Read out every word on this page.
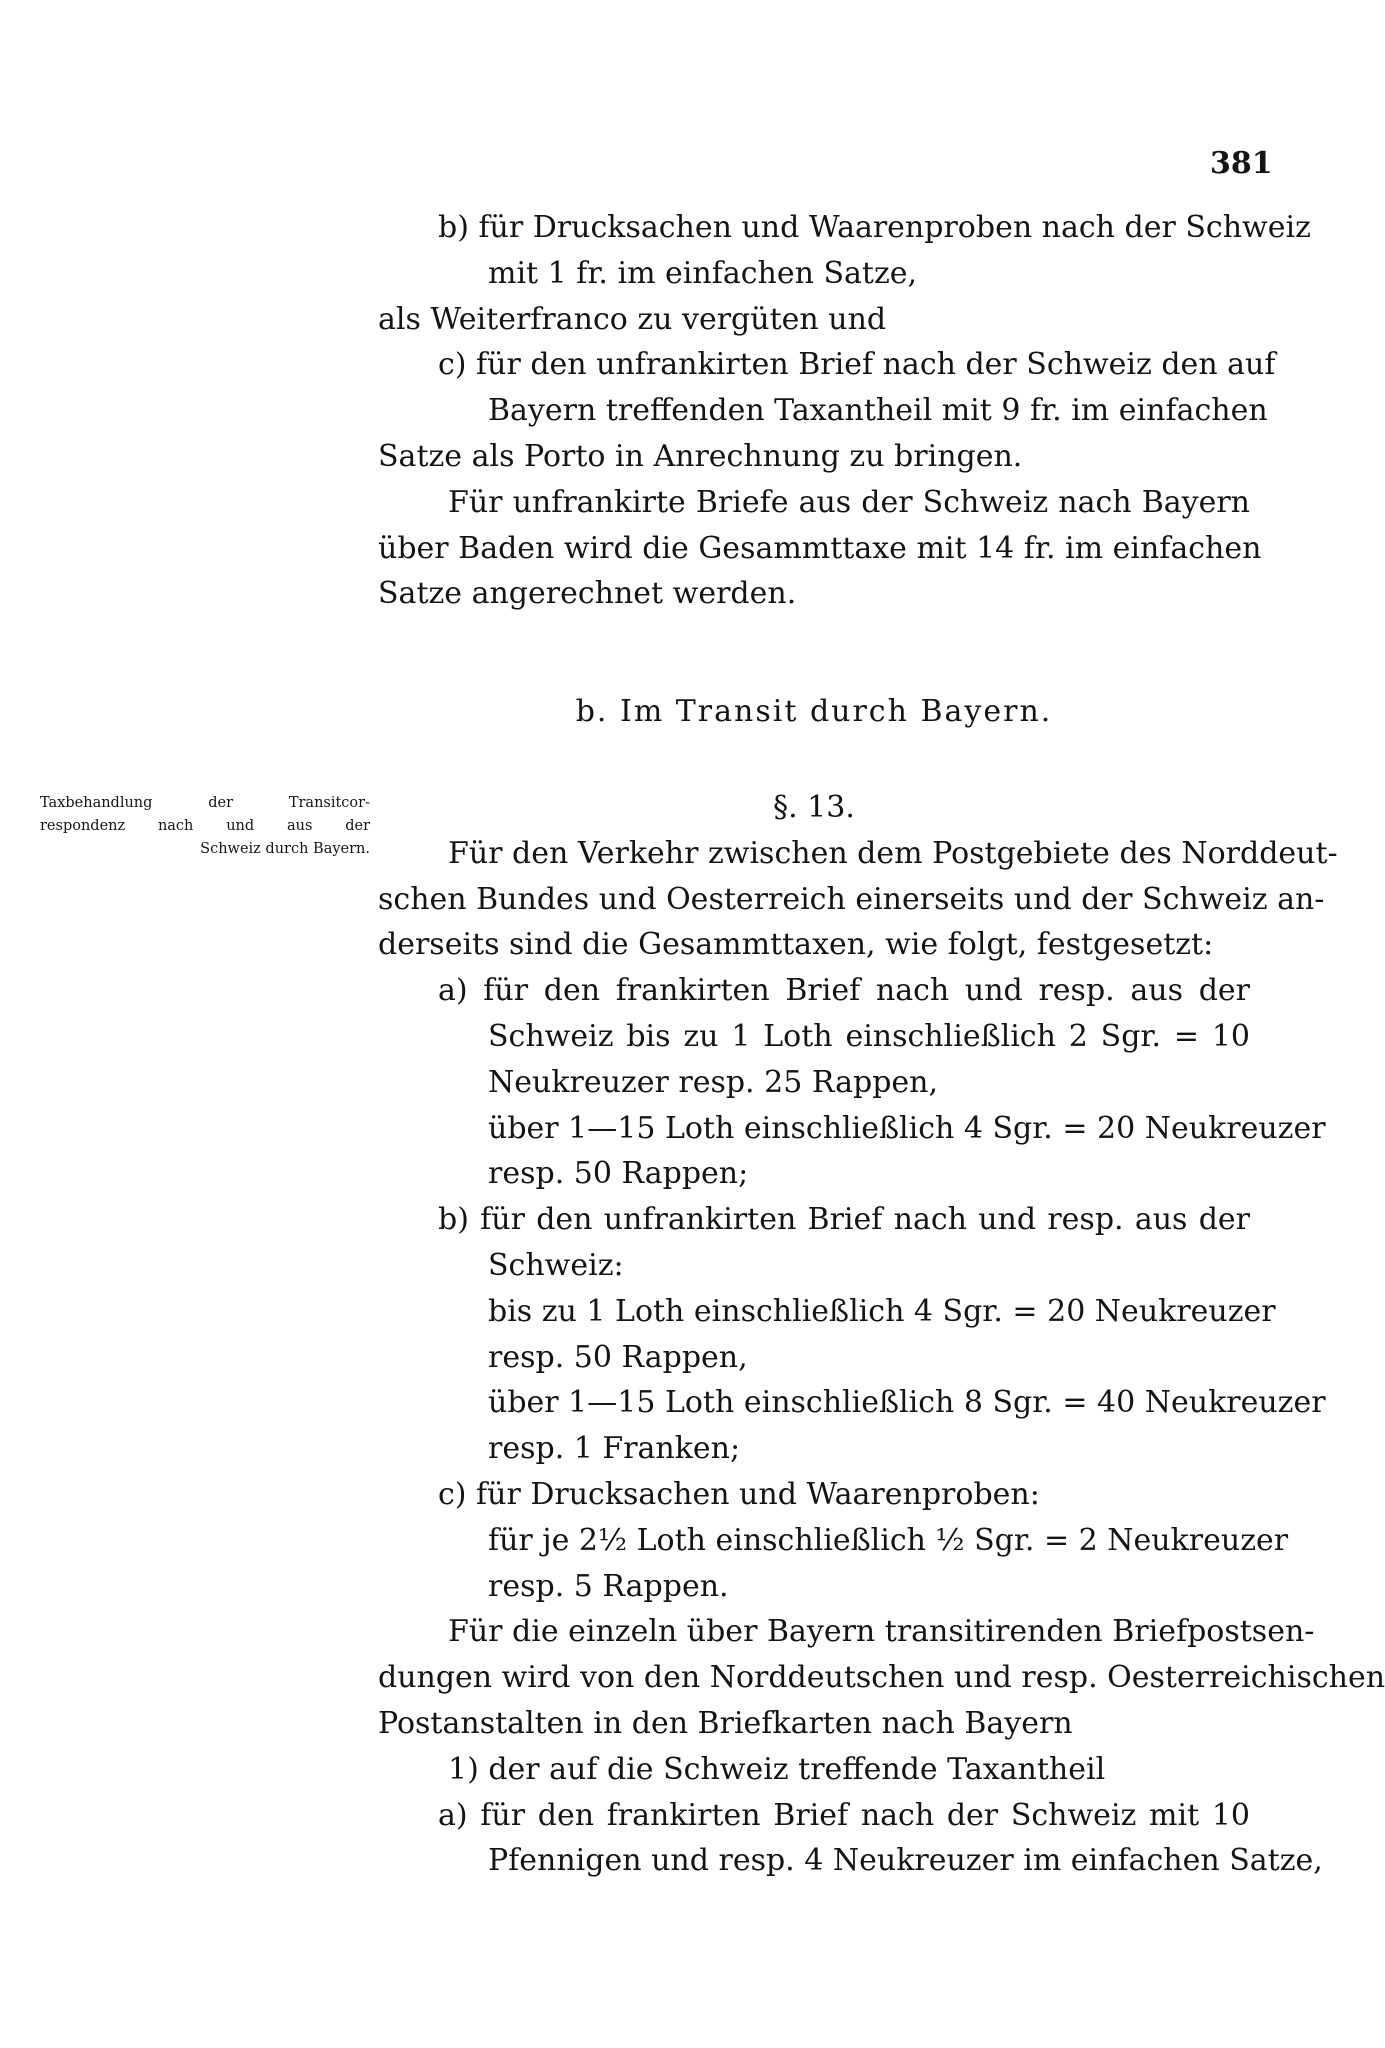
381
Taxbehandlung der Transitcor-
respondenz nach und aus der
Schweiz durch Bayern.
b) für Drucksachen und Waarenproben nach der Schweiz
mit 1 fr. im einfachen Satze,
als Weiterfranco zu vergüten und
c) für den unfrankirten Brief nach der Schweiz den auf
Bayern treffenden Taxantheil mit 9 fr. im einfachen
Satze als Porto in Anrechnung zu bringen.
Für unfrankirte Briefe aus der Schweiz nach Bayern
über Baden wird die Gesammttaxe mit 14 fr. im einfachen
Satze angerechnet werden.
b. Im Transit durch Bayern.
§. 13.
Für den Verkehr zwischen dem Postgebiete des Norddeut-
schen Bundes und Oesterreich einerseits und der Schweiz an-
derseits sind die Gesammttaxen, wie folgt, festgesetzt:
a) für den frankirten Brief nach und resp. aus der
Schweiz bis zu 1 Loth einschließlich 2 Sgr. = 10
Neukreuzer resp. 25 Rappen,
über 1—15 Loth einschließlich 4 Sgr. = 20 Neukreuzer
resp. 50 Rappen;
b) für den unfrankirten Brief nach und resp. aus der
Schweiz:
bis zu 1 Loth einschließlich 4 Sgr. = 20 Neukreuzer
resp. 50 Rappen,
über 1—15 Loth einschließlich 8 Sgr. = 40 Neukreuzer
resp. 1 Franken;
c) für Drucksachen und Waarenproben:
für je 2½ Loth einschließlich ½ Sgr. = 2 Neukreuzer
resp. 5 Rappen.
Für die einzeln über Bayern transitirenden Briefpostsen-
dungen wird von den Norddeutschen und resp. Oesterreichischen
Postanstalten in den Briefkarten nach Bayern
1) der auf die Schweiz treffende Taxantheil
a) für den frankirten Brief nach der Schweiz mit 10
Pfennigen und resp. 4 Neukreuzer im einfachen Satze,
